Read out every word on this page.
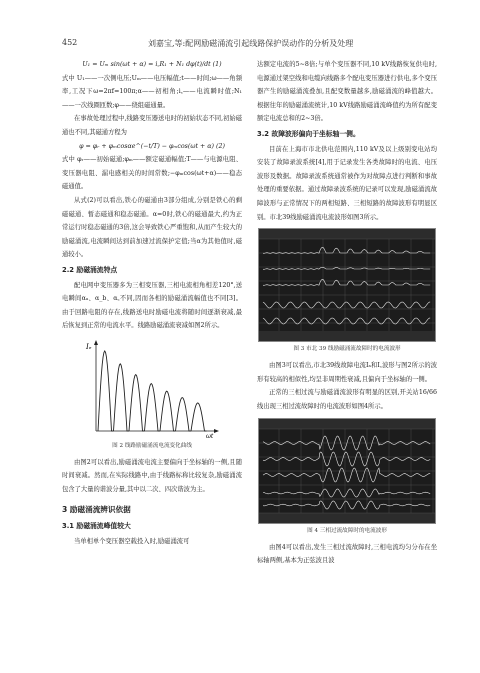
452	刘嘉宝,等:配网励磁涌流引起线路保护误动作的分析及处理

U₁ = Uₘ sin(ωt + α) = i꜀R₁ + N₁ dφ(t)/dt (1)

式中 U₁——一次侧电压;Uₘ——电压幅值;t——时间;ω——角频率,工况下ω=2πf=100π;α——初相角;i꜀——电流瞬时值;N₁——一次线圈匝数;φ——绕组磁通量。

在事故处理过程中,线路变压器送电时的初始状态不同,初始磁通也不同,其磁通方程为

φ = φᵣ + φₘcosαe^(−t/T) − φₘcos(ωt + α) (2)

式中 φᵣ——初始磁通;φₘ——额定磁通幅值;T——与电源电阻、变压器电阻、漏电感相关的时间常数;−φₘcos(ωt+α)——稳态磁通值。

从式(2)可以看出,铁心的磁通由3部分组成,分别是铁心的剩磁磁通、暂态磁通和稳态磁通。α=0时,铁心的磁通最大,约为正常运行时稳态磁通的3倍,这会导致铁心严重饱和,从而产生较大的励磁涌流,电流瞬间达到前加速过流保护定值;当α为其他值时,磁通较小。

2.2 励磁涌流特点

配电网中变压器多为三相变压器,三相电流相角相差120°,送电瞬间αₐ、α_b、α꜀不同,因而各相的励磁涌流幅值也不同[3]。由于回路电阻的存在,线路送电时励磁电流将随时间逐渐衰减,最后恢复到正常的电流水平。线路励磁涌流衰减如图2所示。

Iₑ
ωt
图 2 线路励磁涌流电流变化曲线

由图2可以看出,励磁涌流电流主要偏向于坐标轴的一侧,且随时间衰减。然而,在实际线路中,由于线路标称比较复杂,励磁涌流包含了大量的谐波分量,其中以二次、四次谐波为主。

3 励磁涌流辨识依据
3.1 励磁涌流峰值较大

当单相单个变压器空载投入时,励磁涌流可

达额定电流的5~8倍;与单个变压器不同,10 kV线路恢复供电时,电源通过架空线和电缆向线路多个配电变压器进行供电,多个变压器产生的励磁涌流叠加,且配变数量越多,励磁涌流的峰值越大。根据往年的励磁涌流统计,10 kV线路励磁涌流峰值约为所有配变额定电流总和的2~3倍。

3.2 故障波形偏向于坐标轴一侧。

目前在上海市市北供电范围内,110 kV及以上级别变电站均安装了故障录波系统[4],用于记录发生各类故障时的电流、电压波形及数据。故障录波系统通常被作为对故障点进行判断和事故处理的重要依据。通过故障录波系统的记录可以发现,励磁涌流故障波形与正常情况下的两相短路、三相短路的故障波形有明显区别。市北39线励磁涌流电流波形如图3所示。

图 3 市北 39 线励磁涌流故障时的电流波形

由图3可以看出,市北39线故障电流Iₐ和I꜀波形与图2所示的波形有较高的相似性,均呈非周期性衰减,且偏向于坐标轴的一侧。

正常的三相过流与励磁涌流波形有明显的区别,开关站16/66线出现三相过流故障时的电流波形如图4所示。

图 4 三相过流故障时的电流波形

由图4可以看出,发生三相过流故障时,三相电流均匀分布在坐标轴两侧,基本为正弦波且波
